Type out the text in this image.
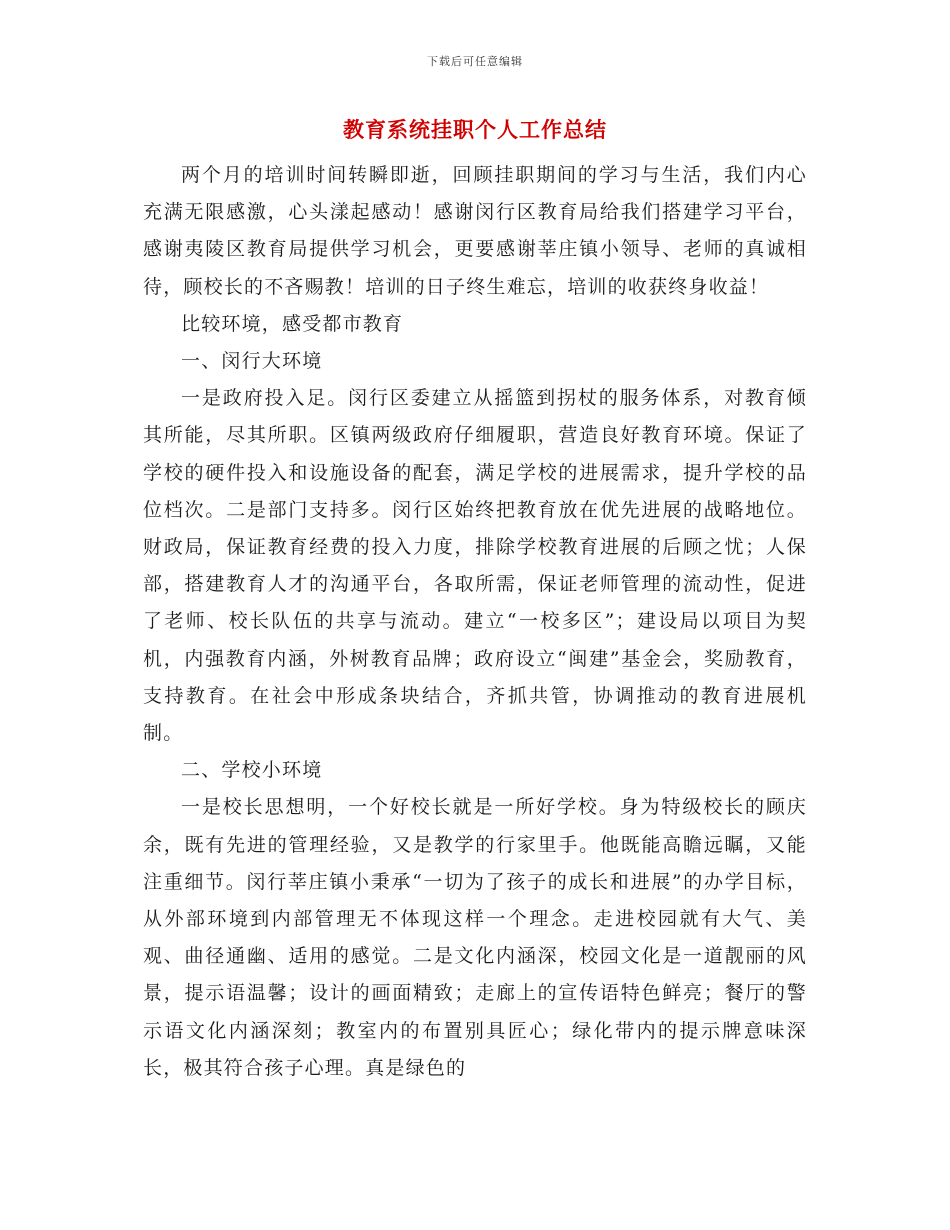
下载后可任意编辑
教育系统挂职个人工作总结

两个月的培训时间转瞬即逝，回顾挂职期间的学习与生活，我们内心充满无限感激，心头漾起感动！感谢闵行区教育局给我们搭建学习平台，感谢夷陵区教育局提供学习机会，更要感谢莘庄镇小领导、老师的真诚相待，顾校长的不吝赐教！培训的日子终生难忘，培训的收获终身收益！

比较环境，感受都市教育

一、闵行大环境

一是政府投入足。闵行区委建立从摇篮到拐杖的服务体系，对教育倾其所能，尽其所职。区镇两级政府仔细履职，营造良好教育环境。保证了学校的硬件投入和设施设备的配套，满足学校的进展需求，提升学校的品位档次。二是部门支持多。闵行区始终把教育放在优先进展的战略地位。财政局，保证教育经费的投入力度，排除学校教育进展的后顾之忧；人保部，搭建教育人才的沟通平台，各取所需，保证老师管理的流动性，促进了老师、校长队伍的共享与流动。建立“一校多区”；建设局以项目为契机，内强教育内涵，外树教育品牌；政府设立“闽建”基金会，奖励教育，支持教育。在社会中形成条块结合，齐抓共管，协调推动的教育进展机制。

二、学校小环境

一是校长思想明，一个好校长就是一所好学校。身为特级校长的顾庆余，既有先进的管理经验，又是教学的行家里手。他既能高瞻远瞩，又能注重细节。闵行莘庄镇小秉承“一切为了孩子的成长和进展”的办学目标，从外部环境到内部管理无不体现这样一个理念。走进校园就有大气、美观、曲径通幽、适用的感觉。二是文化内涵深，校园文化是一道靓丽的风景，提示语温馨；设计的画面精致；走廊上的宣传语特色鲜亮；餐厅的警示语文化内涵深刻；教室内的布置别具匠心；绿化带内的提示牌意味深长，极其符合孩子心理。真是绿色的
